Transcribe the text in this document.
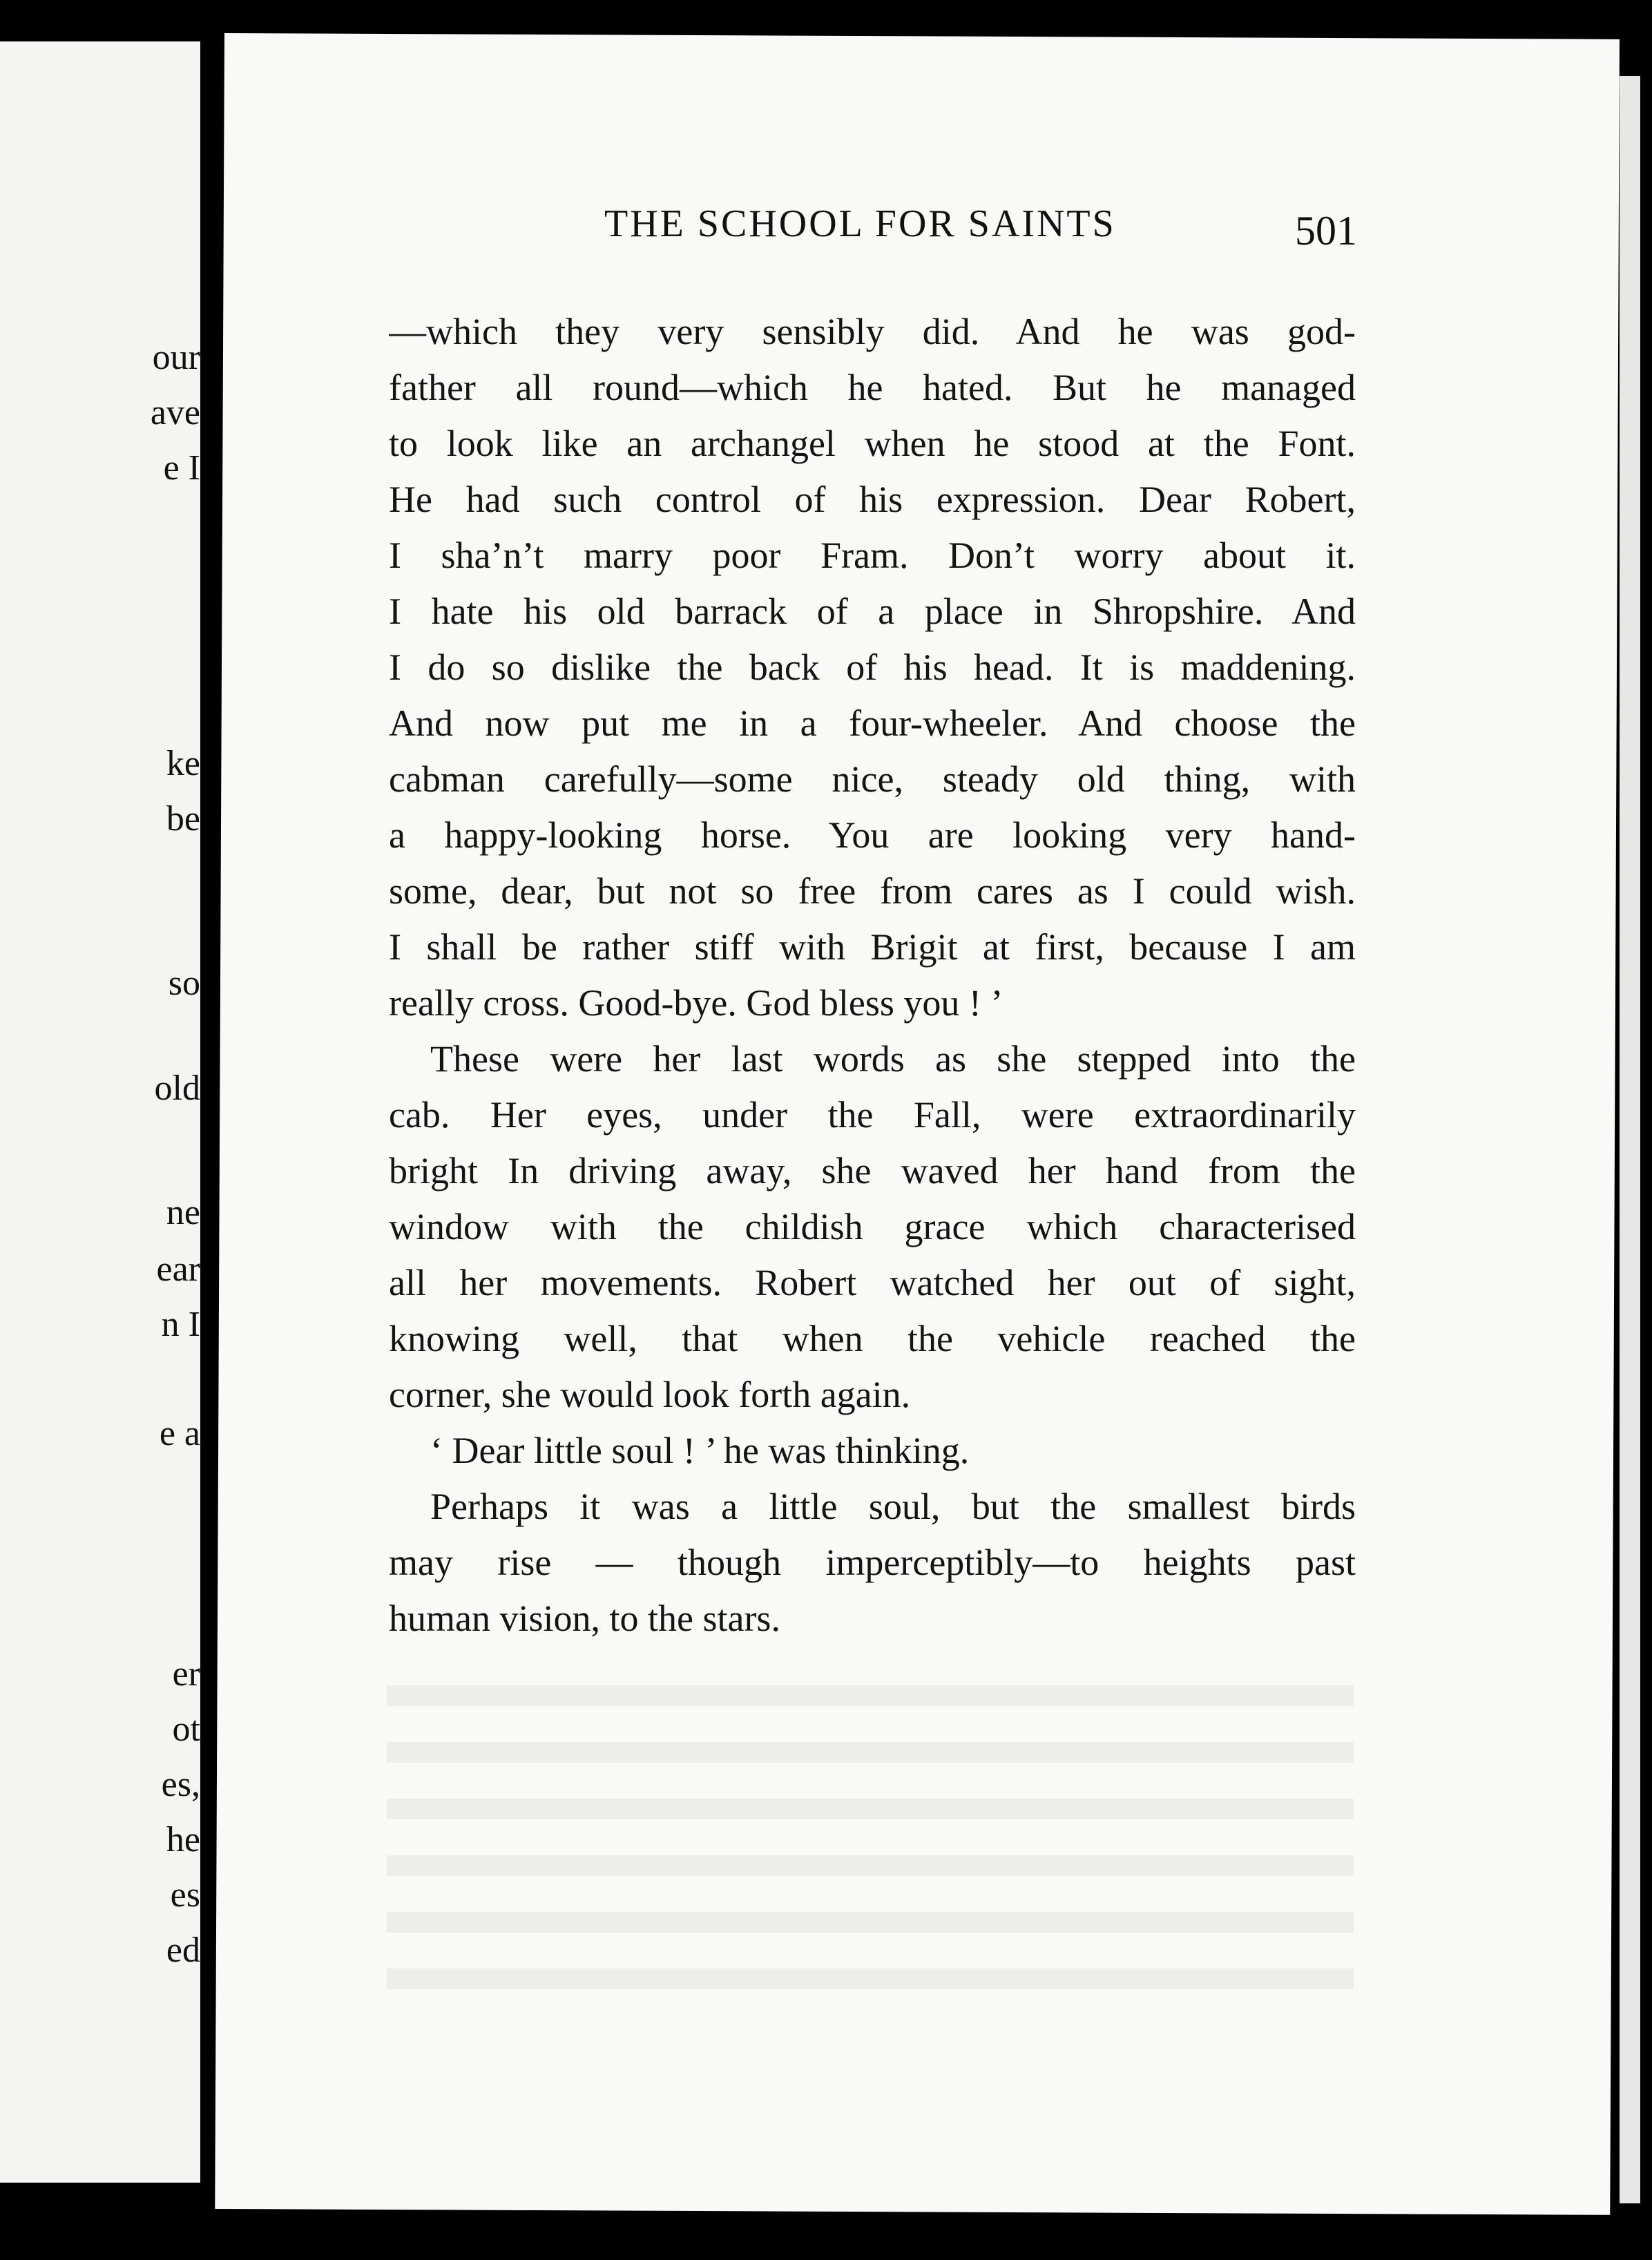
our
ave
e I
ke
be
so
old
ne
ear
n I
e a
er
ot
es,
he
es
ed
THE SCHOOL FOR SAINTS	501
—which they very sensibly did. And he was god-
father all round—which he hated. But he managed
to look like an archangel when he stood at the Font.
He had such control of his expression. Dear Robert,
I sha’n’t marry poor Fram. Don’t worry about it.
I hate his old barrack of a place in Shropshire. And
I do so dislike the back of his head. It is maddening.
And now put me in a four-wheeler. And choose the
cabman carefully—some nice, steady old thing, with
a happy-looking horse. You are looking very hand-
some, dear, but not so free from cares as I could wish.
I shall be rather stiff with Brigit at first, because I am
really cross. Good-bye. God bless you ! ’
These were her last words as she stepped into the
cab. Her eyes, under the Fall, were extraordinarily
bright In driving away, she waved her hand from the
window with the childish grace which characterised
all her movements. Robert watched her out of sight,
knowing well, that when the vehicle reached the
corner, she would look forth again.
‘ Dear little soul ! ’ he was thinking.
Perhaps it was a little soul, but the smallest birds
may rise — though imperceptibly—to heights past
human vision, to the stars.
